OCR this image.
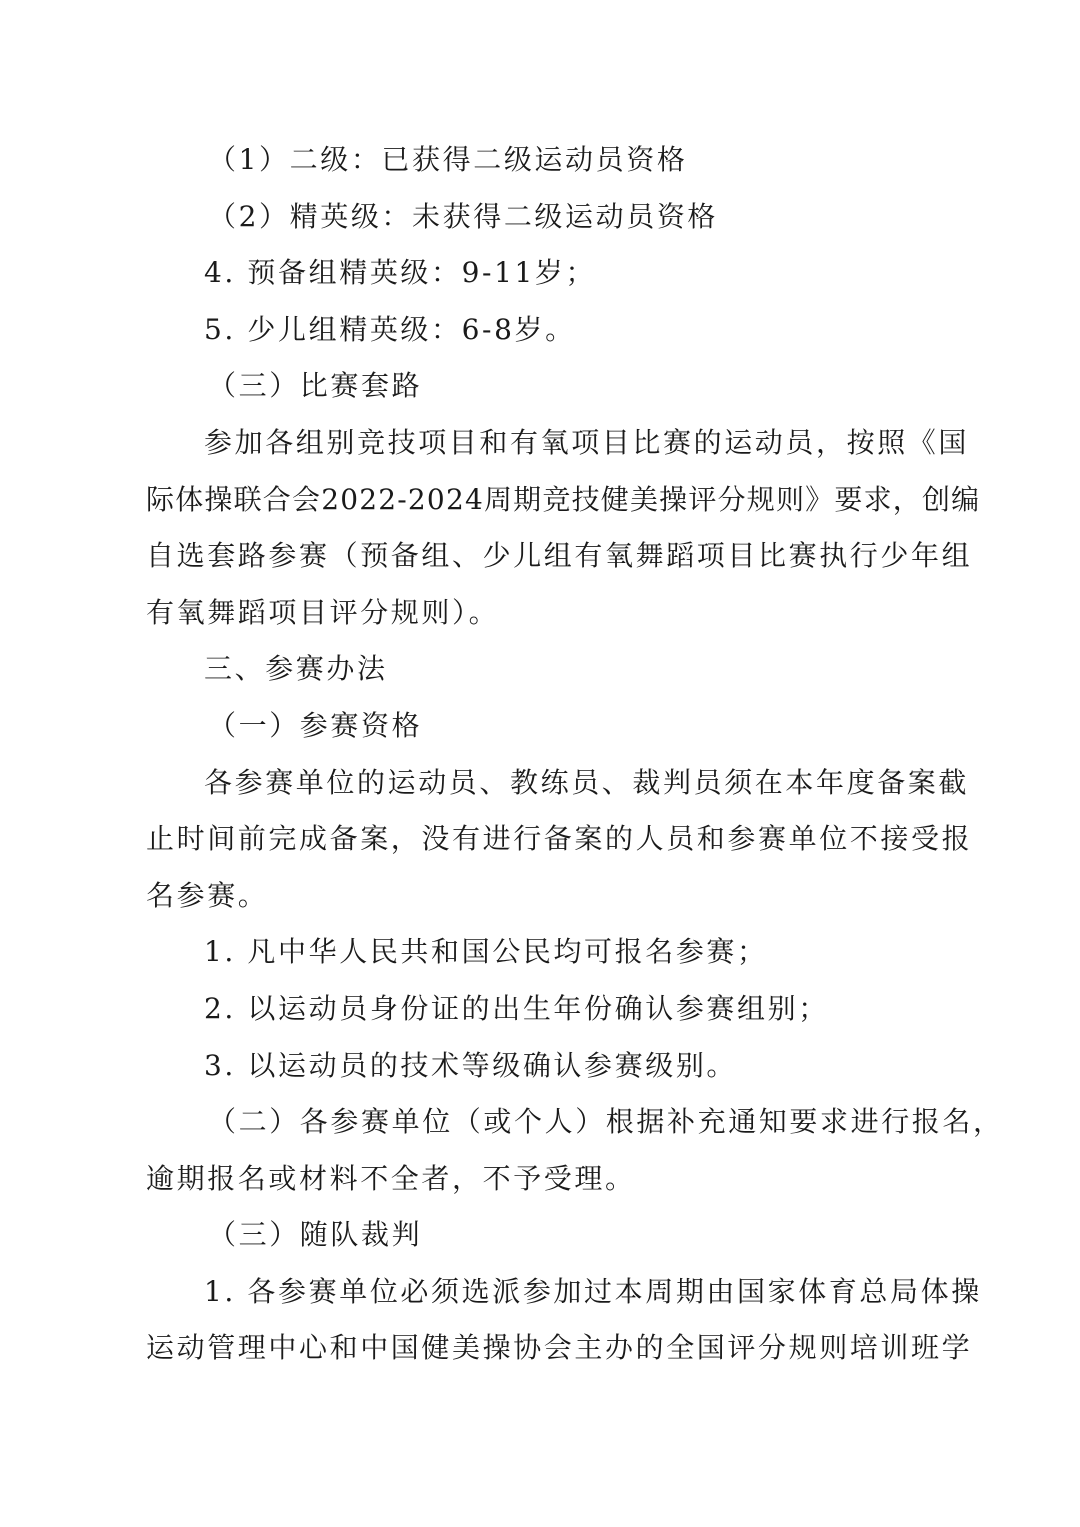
（1）二级：已获得二级运动员资格
（2）精英级：未获得二级运动员资格
4. 预备组精英级：9-11岁；
5. 少儿组精英级：6-8岁。
（三）比赛套路
参加各组别竞技项目和有氧项目比赛的运动员，按照《国
际体操联合会2022-2024周期竞技健美操评分规则》要求，创编
自选套路参赛（预备组、少儿组有氧舞蹈项目比赛执行少年组
有氧舞蹈项目评分规则）。
三、参赛办法
（一）参赛资格
各参赛单位的运动员、教练员、裁判员须在本年度备案截
止时间前完成备案，没有进行备案的人员和参赛单位不接受报
名参赛。
1. 凡中华人民共和国公民均可报名参赛；
2. 以运动员身份证的出生年份确认参赛组别；
3. 以运动员的技术等级确认参赛级别。
（二）各参赛单位（或个人）根据补充通知要求进行报名，
逾期报名或材料不全者，不予受理。
（三）随队裁判
1. 各参赛单位必须选派参加过本周期由国家体育总局体操
运动管理中心和中国健美操协会主办的全国评分规则培训班学
